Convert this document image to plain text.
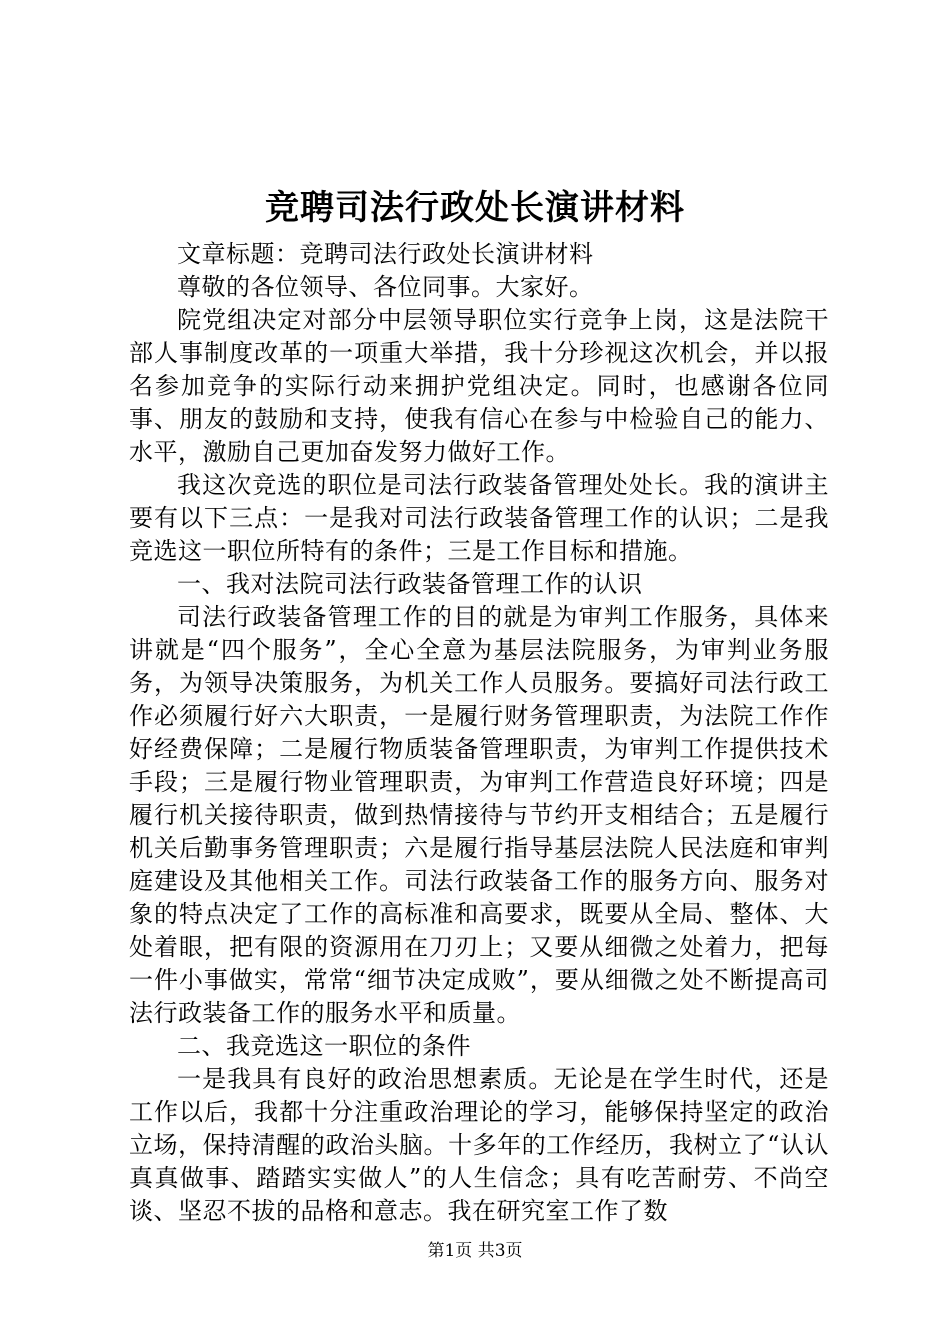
竞聘司法行政处长演讲材料

文章标题：竞聘司法行政处长演讲材料

尊敬的各位领导、各位同事。大家好。

院党组决定对部分中层领导职位实行竞争上岗，这是法院干部人事制度改革的一项重大举措，我十分珍视这次机会，并以报名参加竞争的实际行动来拥护党组决定。同时，也感谢各位同事、朋友的鼓励和支持，使我有信心在参与中检验自己的能力、水平，激励自己更加奋发努力做好工作。

我这次竞选的职位是司法行政装备管理处处长。我的演讲主要有以下三点：一是我对司法行政装备管理工作的认识；二是我竞选这一职位所特有的条件；三是工作目标和措施。

一、我对法院司法行政装备管理工作的认识

司法行政装备管理工作的目的就是为审判工作服务，具体来讲就是“四个服务”，全心全意为基层法院服务，为审判业务服务，为领导决策服务，为机关工作人员服务。要搞好司法行政工作必须履行好六大职责，一是履行财务管理职责，为法院工作作好经费保障；二是履行物质装备管理职责，为审判工作提供技术手段；三是履行物业管理职责，为审判工作营造良好环境；四是履行机关接待职责，做到热情接待与节约开支相结合；五是履行机关后勤事务管理职责；六是履行指导基层法院人民法庭和审判庭建设及其他相关工作。司法行政装备工作的服务方向、服务对象的特点决定了工作的高标准和高要求，既要从全局、整体、大处着眼，把有限的资源用在刀刃上；又要从细微之处着力，把每一件小事做实，常常“细节决定成败”，要从细微之处不断提高司法行政装备工作的服务水平和质量。

二、我竞选这一职位的条件

一是我具有良好的政治思想素质。无论是在学生时代，还是工作以后，我都十分注重政治理论的学习，能够保持坚定的政治立场，保持清醒的政治头脑。十多年的工作经历，我树立了“认认真真做事、踏踏实实做人”的人生信念；具有吃苦耐劳、不尚空谈、坚忍不拔的品格和意志。我在研究室工作了数

第1页 共3页
